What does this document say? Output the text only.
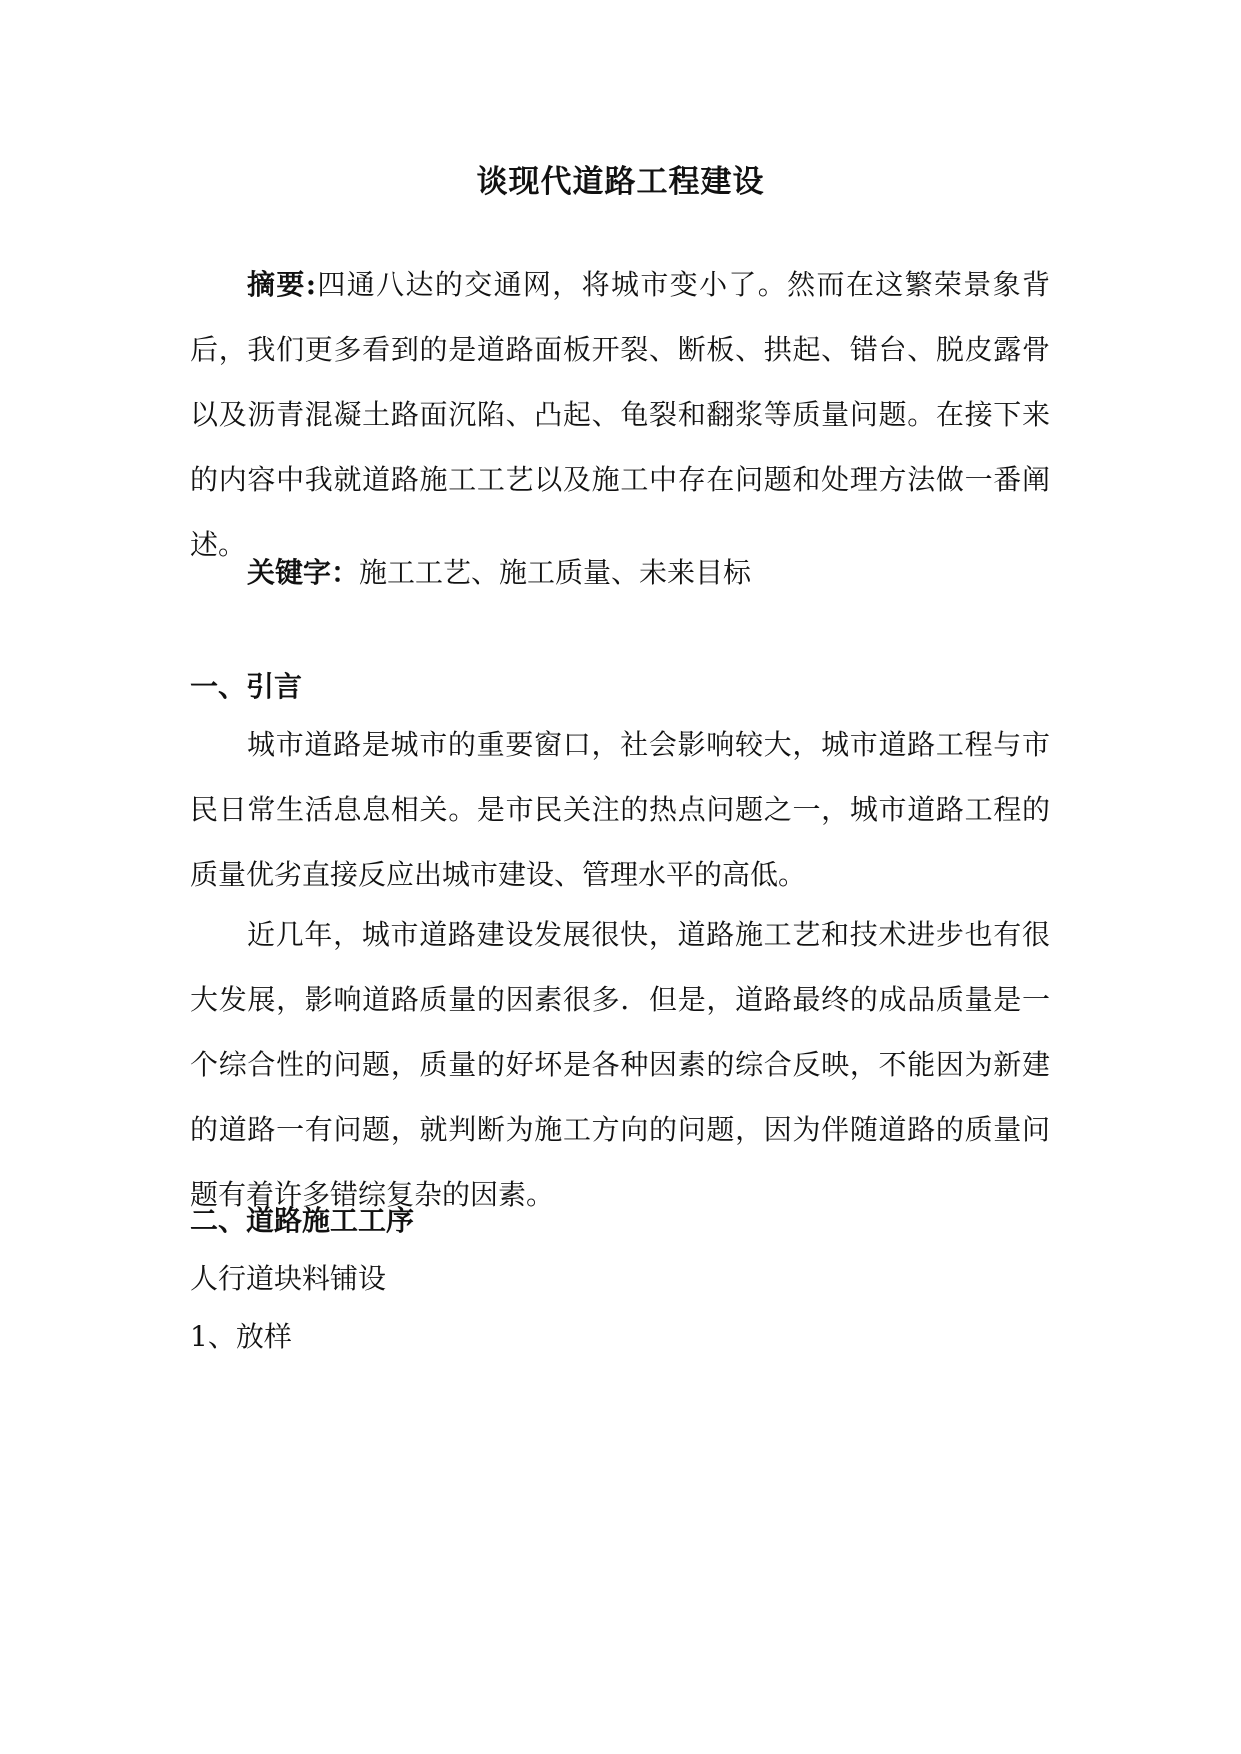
谈现代道路工程建设

摘要:四通八达的交通网，将城市变小了。然而在这繁荣景象背后，我们更多看到的是道路面板开裂、断板、拱起、错台、脱皮露骨以及沥青混凝土路面沉陷、凸起、龟裂和翻浆等质量问题。在接下来的内容中我就道路施工工艺以及施工中存在问题和处理方法做一番阐述。

关键字：施工工艺、施工质量、未来目标

一、引言

城市道路是城市的重要窗口，社会影响较大，城市道路工程与市民日常生活息息相关。是市民关注的热点问题之一，城市道路工程的质量优劣直接反应出城市建设、管理水平的高低。

近几年，城市道路建设发展很快，道路施工艺和技术进步也有很大发展，影响道路质量的因素很多．但是，道路最终的成品质量是一个综合性的问题，质量的好坏是各种因素的综合反映，不能因为新建的道路一有问题，就判断为施工方向的问题，因为伴随道路的质量问题有着许多错综复杂的因素。

二、道路施工工序

人行道块料铺设

1、放样
